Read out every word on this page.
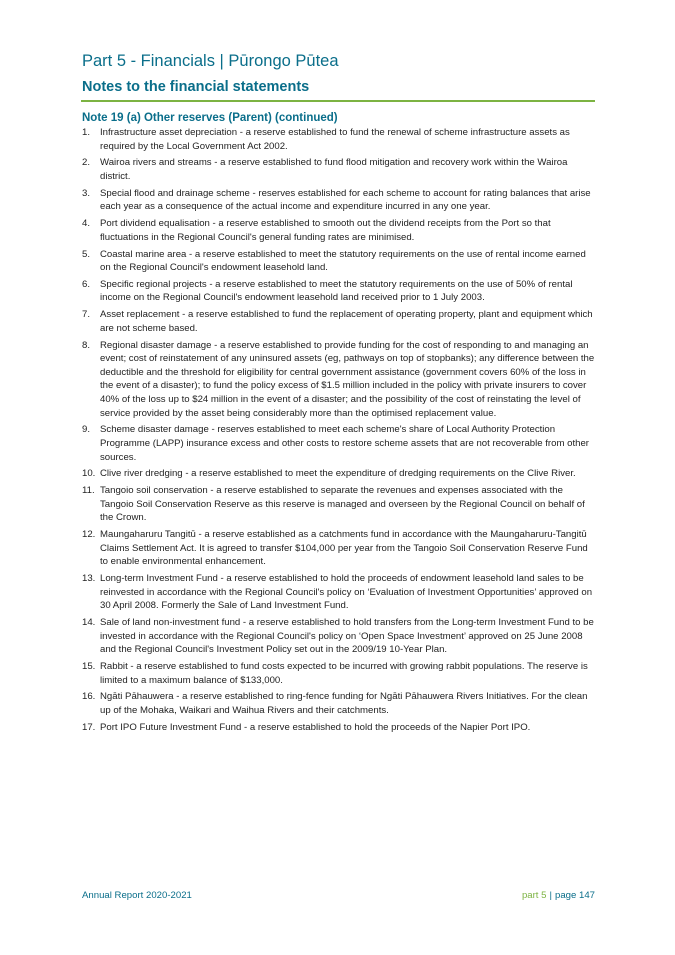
Part 5 - Financials | Pūrongo Pūtea
Notes to the financial statements
Note 19 (a) Other reserves (Parent) (continued)
1.	Infrastructure asset depreciation - a reserve established to fund the renewal of scheme infrastructure assets as required by the Local Government Act 2002.
2.	Wairoa rivers and streams - a reserve established to fund flood mitigation and recovery work within the Wairoa district.
3.	Special flood and drainage scheme - reserves established for each scheme to account for rating balances that arise each year as a consequence of the actual income and expenditure incurred in any one year.
4.	Port dividend equalisation - a reserve established to smooth out the dividend receipts from the Port so that fluctuations in the Regional Council's general funding rates are minimised.
5.	Coastal marine area - a reserve established to meet the statutory requirements on the use of rental income earned on the Regional Council's endowment leasehold land.
6.	Specific regional projects - a reserve established to meet the statutory requirements on the use of 50% of rental income on the Regional Council's endowment leasehold land received prior to 1 July 2003.
7.	Asset replacement - a reserve established to fund the replacement of operating property, plant and equipment which are not scheme based.
8.	Regional disaster damage - a reserve established to provide funding for the cost of responding to and managing an event; cost of reinstatement of any uninsured assets (eg, pathways on top of stopbanks); any difference between the deductible and the threshold for eligibility for central government assistance (government covers 60% of the loss in the event of a disaster); to fund the policy excess of $1.5 million included in the policy with private insurers to cover 40% of the loss up to $24 million in the event of a disaster; and the possibility of the cost of reinstating the level of service provided by the asset being considerably more than the optimised replacement value.
9.	Scheme disaster damage - reserves established to meet each scheme's share of Local Authority Protection Programme (LAPP) insurance excess and other costs to restore scheme assets that are not recoverable from other sources.
10. Clive river dredging - a reserve established to meet the expenditure of dredging requirements on the Clive River.
11. Tangoio soil conservation - a reserve established to separate the revenues and expenses associated with the Tangoio Soil Conservation Reserve as this reserve is managed and overseen by the Regional Council on behalf of the Crown.
12. Maungaharuru Tangitū - a reserve established as a catchments fund in accordance with the Maungaharuru-Tangitū Claims Settlement Act. It is agreed to transfer $104,000 per year from the Tangoio Soil Conservation Reserve Fund to enable environmental enhancement.
13. Long-term Investment Fund - a reserve established to hold the proceeds of endowment leasehold land sales to be reinvested in accordance with the Regional Council's policy on ‘Evaluation of Investment Opportunities’ approved on 30 April 2008. Formerly the Sale of Land Investment Fund.
14. Sale of land non-investment fund - a reserve established to hold transfers from the Long-term Investment Fund to be invested in accordance with the Regional Council's policy on ‘Open Space Investment’ approved on 25 June 2008 and the Regional Council's Investment Policy set out in the 2009/19 10-Year Plan.
15. Rabbit - a reserve established to fund costs expected to be incurred with growing rabbit populations. The reserve is limited to a maximum balance of $133,000.
16. Ngāti Pāhauwera - a reserve established to ring-fence funding for Ngāti Pāhauwera Rivers Initiatives. For the clean up of the Mohaka, Waikari and Waihua Rivers and their catchments.
17. Port IPO Future Investment Fund - a reserve established to hold the proceeds of the Napier Port IPO.
Annual Report 2020-2021	part 5 | page 147
